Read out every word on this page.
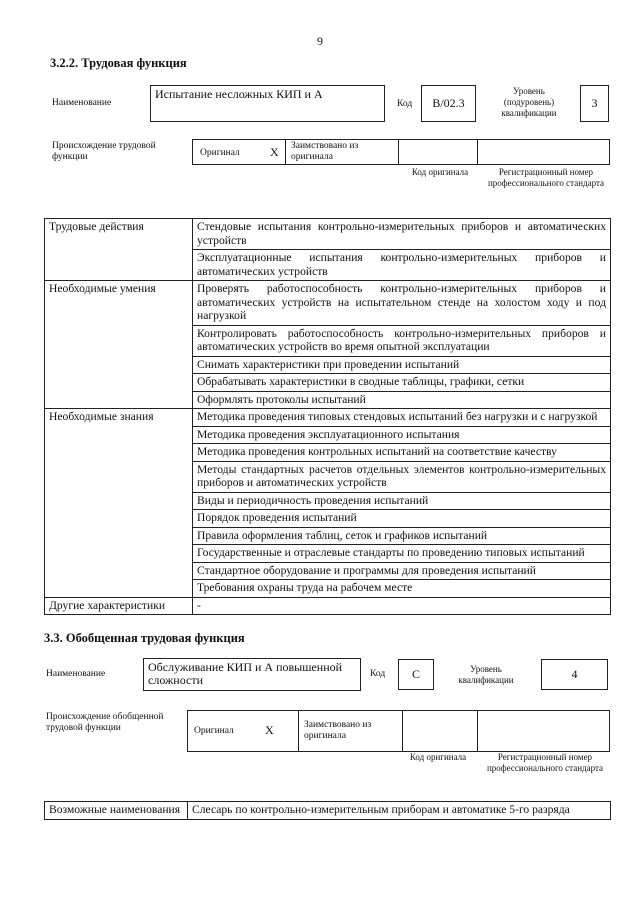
9
3.2.2. Трудовая функция
Наименование
Испытание несложных КИП и А
Код	B/02.3
Уровень (подуровень) квалификации
3
Происхождение трудовой функции	Оригинал	X Заимствовано из оригинала
Код оригинала	Регистрационный номер профессионального стандарта
Трудовые действия	Стендовые испытания контрольно-измерительных приборов и автоматических устройств
	Эксплуатационные испытания контрольно-измерительных приборов и автоматических устройств
Необходимые умения	Проверять работоспособность контрольно-измерительных приборов и автоматических устройств на испытательном стенде на холостом ходу и под нагрузкой
	Контролировать работоспособность контрольно-измерительных приборов и автоматических устройств во время опытной эксплуатации
	Снимать характеристики при проведении испытаний
	Обрабатывать характеристики в сводные таблицы, графики, сетки
	Оформлять протоколы испытаний
Необходимые знания	Методика проведения типовых стендовых испытаний без нагрузки и с нагрузкой
	Методика проведения эксплуатационного испытания
	Методика проведения контрольных испытаний на соответствие качеству
	Методы стандартных расчетов отдельных элементов контрольно-измерительных приборов и автоматических устройств
	Виды и периодичность проведения испытаний
	Порядок проведения испытаний
	Правила оформления таблиц, сеток и графиков испытаний
	Государственные и отраслевые стандарты по проведению типовых испытаний
	Стандартное оборудование и программы для проведения испытаний
	Требования охраны труда на рабочем месте
Другие характеристики	-
3.3. Обобщенная трудовая функция
Наименование	Обслуживание КИП и А повышенной сложности	Код	C	Уровень квалификации	4
Происхождение обобщенной трудовой функции	Оригинал	X	Заимствовано из оригинала
Код оригинала	Регистрационный номер профессионального стандарта
Возможные наименования	Слесарь по контрольно-измерительным приборам и автоматике 5-го разряда
